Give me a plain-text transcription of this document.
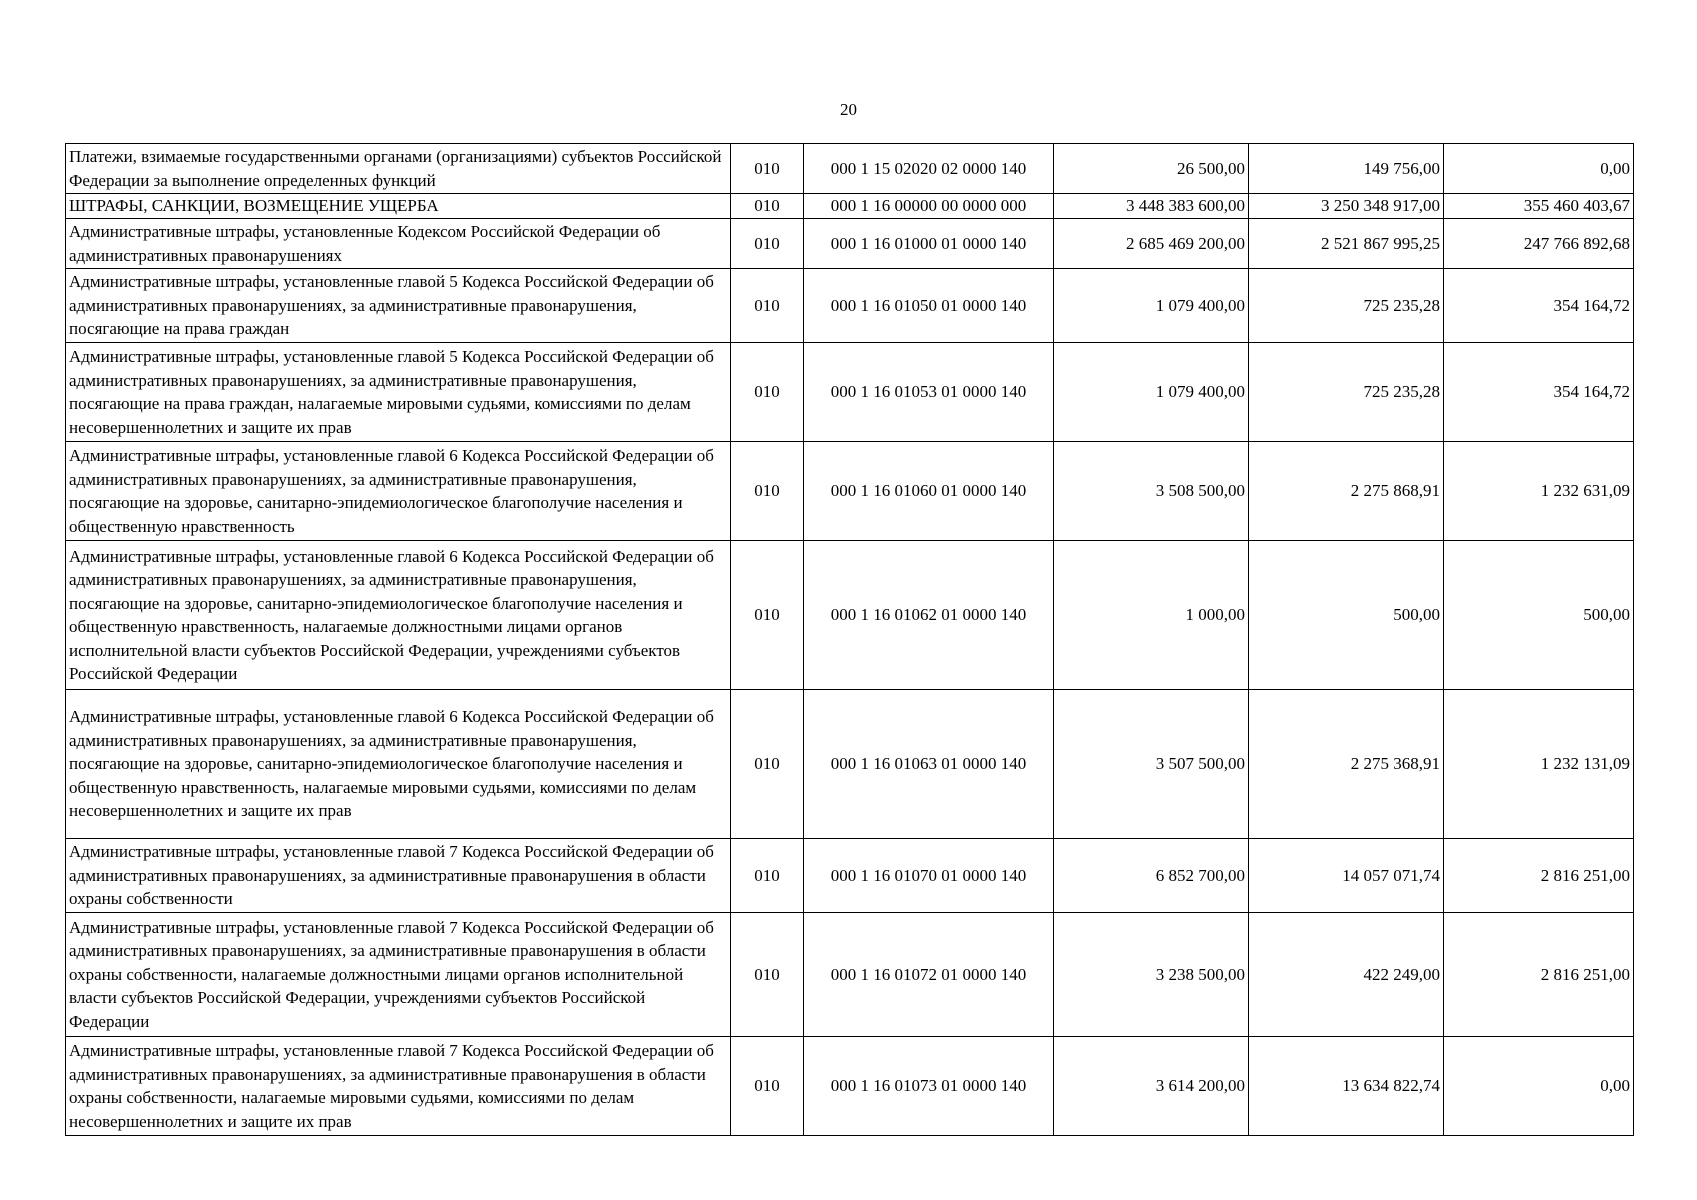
20
Платежи, взимаемые государственными органами (организациями) субъектов Российской Федерации за выполнение определенных функций	010	000 1 15 02020 02 0000 140	26 500,00	149 756,00	0,00
ШТРАФЫ, САНКЦИИ, ВОЗМЕЩЕНИЕ УЩЕРБА	010	000 1 16 00000 00 0000 000	3 448 383 600,00	3 250 348 917,00	355 460 403,67
Административные штрафы, установленные Кодексом Российской Федерации об административных правонарушениях	010	000 1 16 01000 01 0000 140	2 685 469 200,00	2 521 867 995,25	247 766 892,68
Административные штрафы, установленные главой 5 Кодекса Российской Федерации об административных правонарушениях, за административные правонарушения, посягающие на права граждан	010	000 1 16 01050 01 0000 140	1 079 400,00	725 235,28	354 164,72
Административные штрафы, установленные главой 5 Кодекса Российской Федерации об административных правонарушениях, за административные правонарушения, посягающие на права граждан, налагаемые мировыми судьями, комиссиями по делам несовершеннолетних и защите их прав	010	000 1 16 01053 01 0000 140	1 079 400,00	725 235,28	354 164,72
Административные штрафы, установленные главой 6 Кодекса Российской Федерации об административных правонарушениях, за административные правонарушения, посягающие на здоровье, санитарно-эпидемиологическое благополучие населения и общественную нравственность	010	000 1 16 01060 01 0000 140	3 508 500,00	2 275 868,91	1 232 631,09
Административные штрафы, установленные главой 6 Кодекса Российской Федерации об административных правонарушениях, за административные правонарушения, посягающие на здоровье, санитарно-эпидемиологическое благополучие населения и общественную нравственность, налагаемые должностными лицами органов исполнительной власти субъектов Российской Федерации, учреждениями субъектов Российской Федерации	010	000 1 16 01062 01 0000 140	1 000,00	500,00	500,00
Административные штрафы, установленные главой 6 Кодекса Российской Федерации об административных правонарушениях, за административные правонарушения, посягающие на здоровье, санитарно-эпидемиологическое благополучие населения и общественную нравственность, налагаемые мировыми судьями, комиссиями по делам несовершеннолетних и защите их прав	010	000 1 16 01063 01 0000 140	3 507 500,00	2 275 368,91	1 232 131,09
Административные штрафы, установленные главой 7 Кодекса Российской Федерации об административных правонарушениях, за административные правонарушения в области охраны собственности	010	000 1 16 01070 01 0000 140	6 852 700,00	14 057 071,74	2 816 251,00
Административные штрафы, установленные главой 7 Кодекса Российской Федерации об административных правонарушениях, за административные правонарушения в области охраны собственности, налагаемые должностными лицами органов исполнительной власти субъектов Российской Федерации, учреждениями субъектов Российской Федерации	010	000 1 16 01072 01 0000 140	3 238 500,00	422 249,00	2 816 251,00
Административные штрафы, установленные главой 7 Кодекса Российской Федерации об административных правонарушениях, за административные правонарушения в области охраны собственности, налагаемые мировыми судьями, комиссиями по делам несовершеннолетних и защите их прав	010	000 1 16 01073 01 0000 140	3 614 200,00	13 634 822,74	0,00
